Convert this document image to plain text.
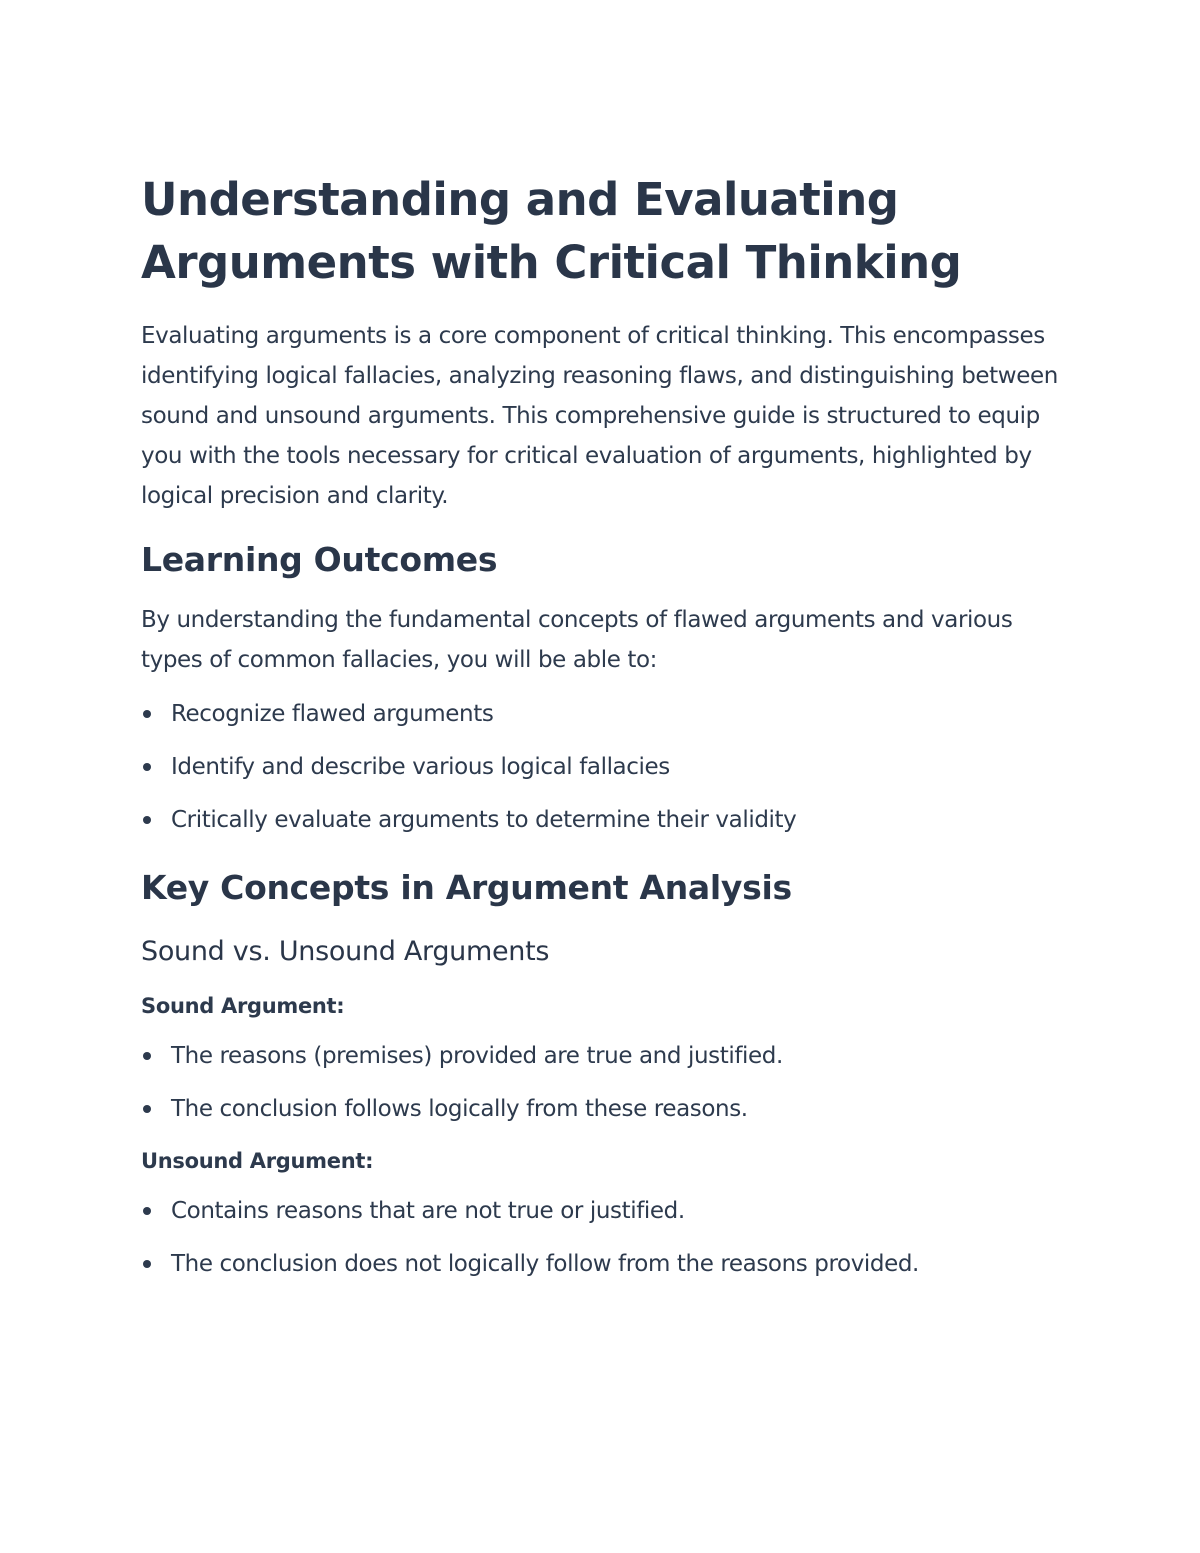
Understanding and Evaluating Arguments with Critical Thinking

Evaluating arguments is a core component of critical thinking. This encompasses identifying logical fallacies, analyzing reasoning flaws, and distinguishing between sound and unsound arguments. This comprehensive guide is structured to equip you with the tools necessary for critical evaluation of arguments, highlighted by logical precision and clarity.

Learning Outcomes

By understanding the fundamental concepts of flawed arguments and various types of common fallacies, you will be able to:

Recognize flawed arguments
Identify and describe various logical fallacies
Critically evaluate arguments to determine their validity
Key Concepts in Argument Analysis
Sound vs. Unsound Arguments
Sound Argument:
The reasons (premises) provided are true and justified.
The conclusion follows logically from these reasons.
Unsound Argument:
Contains reasons that are not true or justified.
The conclusion does not logically follow from the reasons provided.
